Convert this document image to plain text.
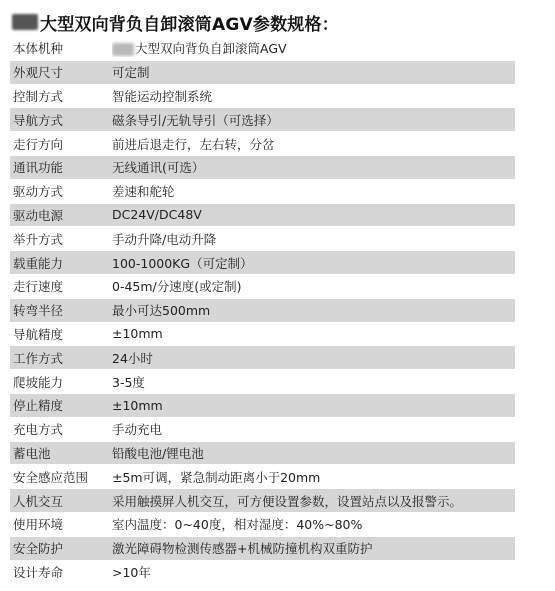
大型双向背负自卸滚筒AGV参数规格：
本体机种	大型双向背负自卸滚筒AGV
外观尺寸	可定制
控制方式	智能运动控制系统
导航方式	磁条导引/无轨导引（可选择）
走行方向	前进后退走行，左右转，分岔
通讯功能	无线通讯(可选）
驱动方式	差速和舵轮
驱动电源	DC24V/DC48V
举升方式	手动升降/电动升降
载重能力	100-1000KG（可定制）
走行速度	0-45m/分速度(或定制)
转弯半径	最小可达500mm
导航精度	±10mm
工作方式	24小时
爬坡能力	3-5度
停止精度	±10mm
充电方式	手动充电
蓄电池	铅酸电池/锂电池
安全感应范围	±5m可调，紧急制动距离小于20mm
人机交互	采用触摸屏人机交互，可方便设置参数，设置站点以及报警示。
使用环境	室内温度：0~40度，相对湿度：40%~80%
安全防护	激光障碍物检测传感器+机械防撞机构双重防护
设计寿命	>10年
